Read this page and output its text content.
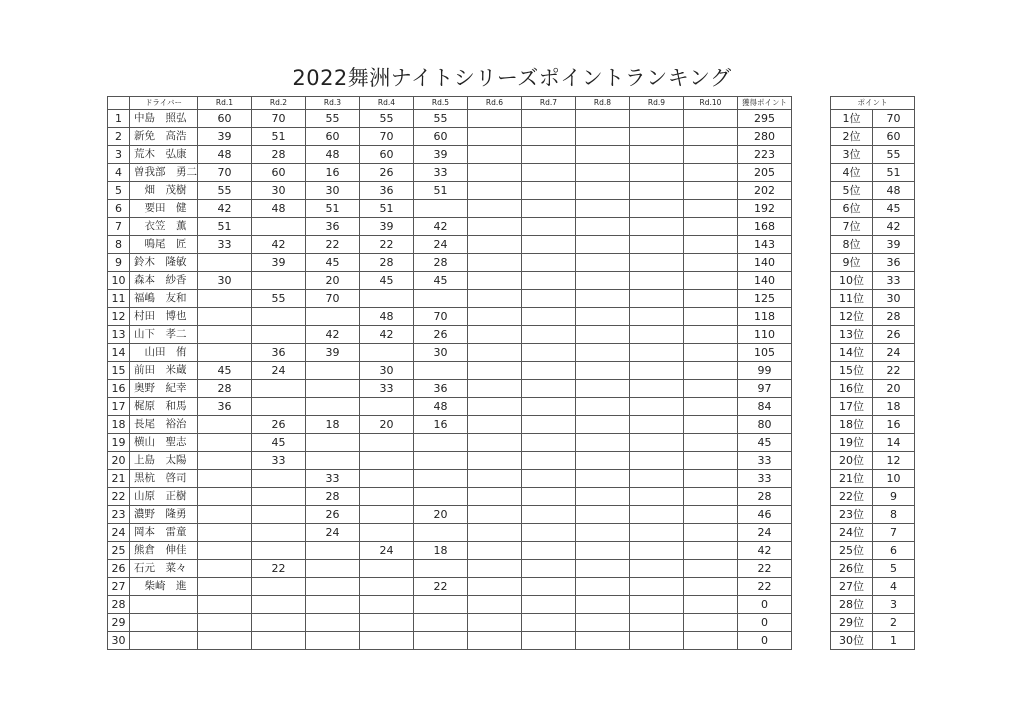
2022舞洲ナイトシリーズポイントランキング
	ドライバー	Rd.1	Rd.2	Rd.3	Rd.4	Rd.5	Rd.6	Rd.7	Rd.8	Rd.9	Rd.10	獲得ポイント
1	中島　照弘	60	70	55	55	55						295
2	新免　高浩	39	51	60	70	60						280
3	荒木　弘康	48	28	48	60	39						223
4	曽我部　勇二	70	60	16	26	33						205
5	　畑　茂樹	55	30	30	36	51						202
6	　要田　健	42	48	51	51							192
7	　衣笠　薫	51		36	39	42						168
8	　鳴尾　匠	33	42	22	22	24						143
9	鈴木　隆敏		39	45	28	28						140
10	森本　紗香	30		20	45	45						140
11	福嶋　友和		55	70								125
12	村田　博也				48	70						118
13	山下　孝二			42	42	26						110
14	　山田　侑		36	39		30						105
15	前田　米蔵	45	24		30							99
16	奥野　紀幸	28			33	36						97
17	梶原　和馬	36				48						84
18	長尾　裕治		26	18	20	16						80
19	横山　聖志		45									45
20	上島　太陽		33									33
21	黒杭　啓司			33								33
22	山原　正樹			28								28
23	濃野　隆勇			26		20						46
24	岡本　雷童			24								24
25	熊倉　伸佳				24	18						42
26	石元　菜々		22									22
27	　柴崎　進					22						22
28												0
29												0
30												0
ポイント	
1位	70
2位	60
3位	55
4位	51
5位	48
6位	45
7位	42
8位	39
9位	36
10位	33
11位	30
12位	28
13位	26
14位	24
15位	22
16位	20
17位	18
18位	16
19位	14
20位	12
21位	10
22位	9
23位	8
24位	7
25位	6
26位	5
27位	4
28位	3
29位	2
30位	1
